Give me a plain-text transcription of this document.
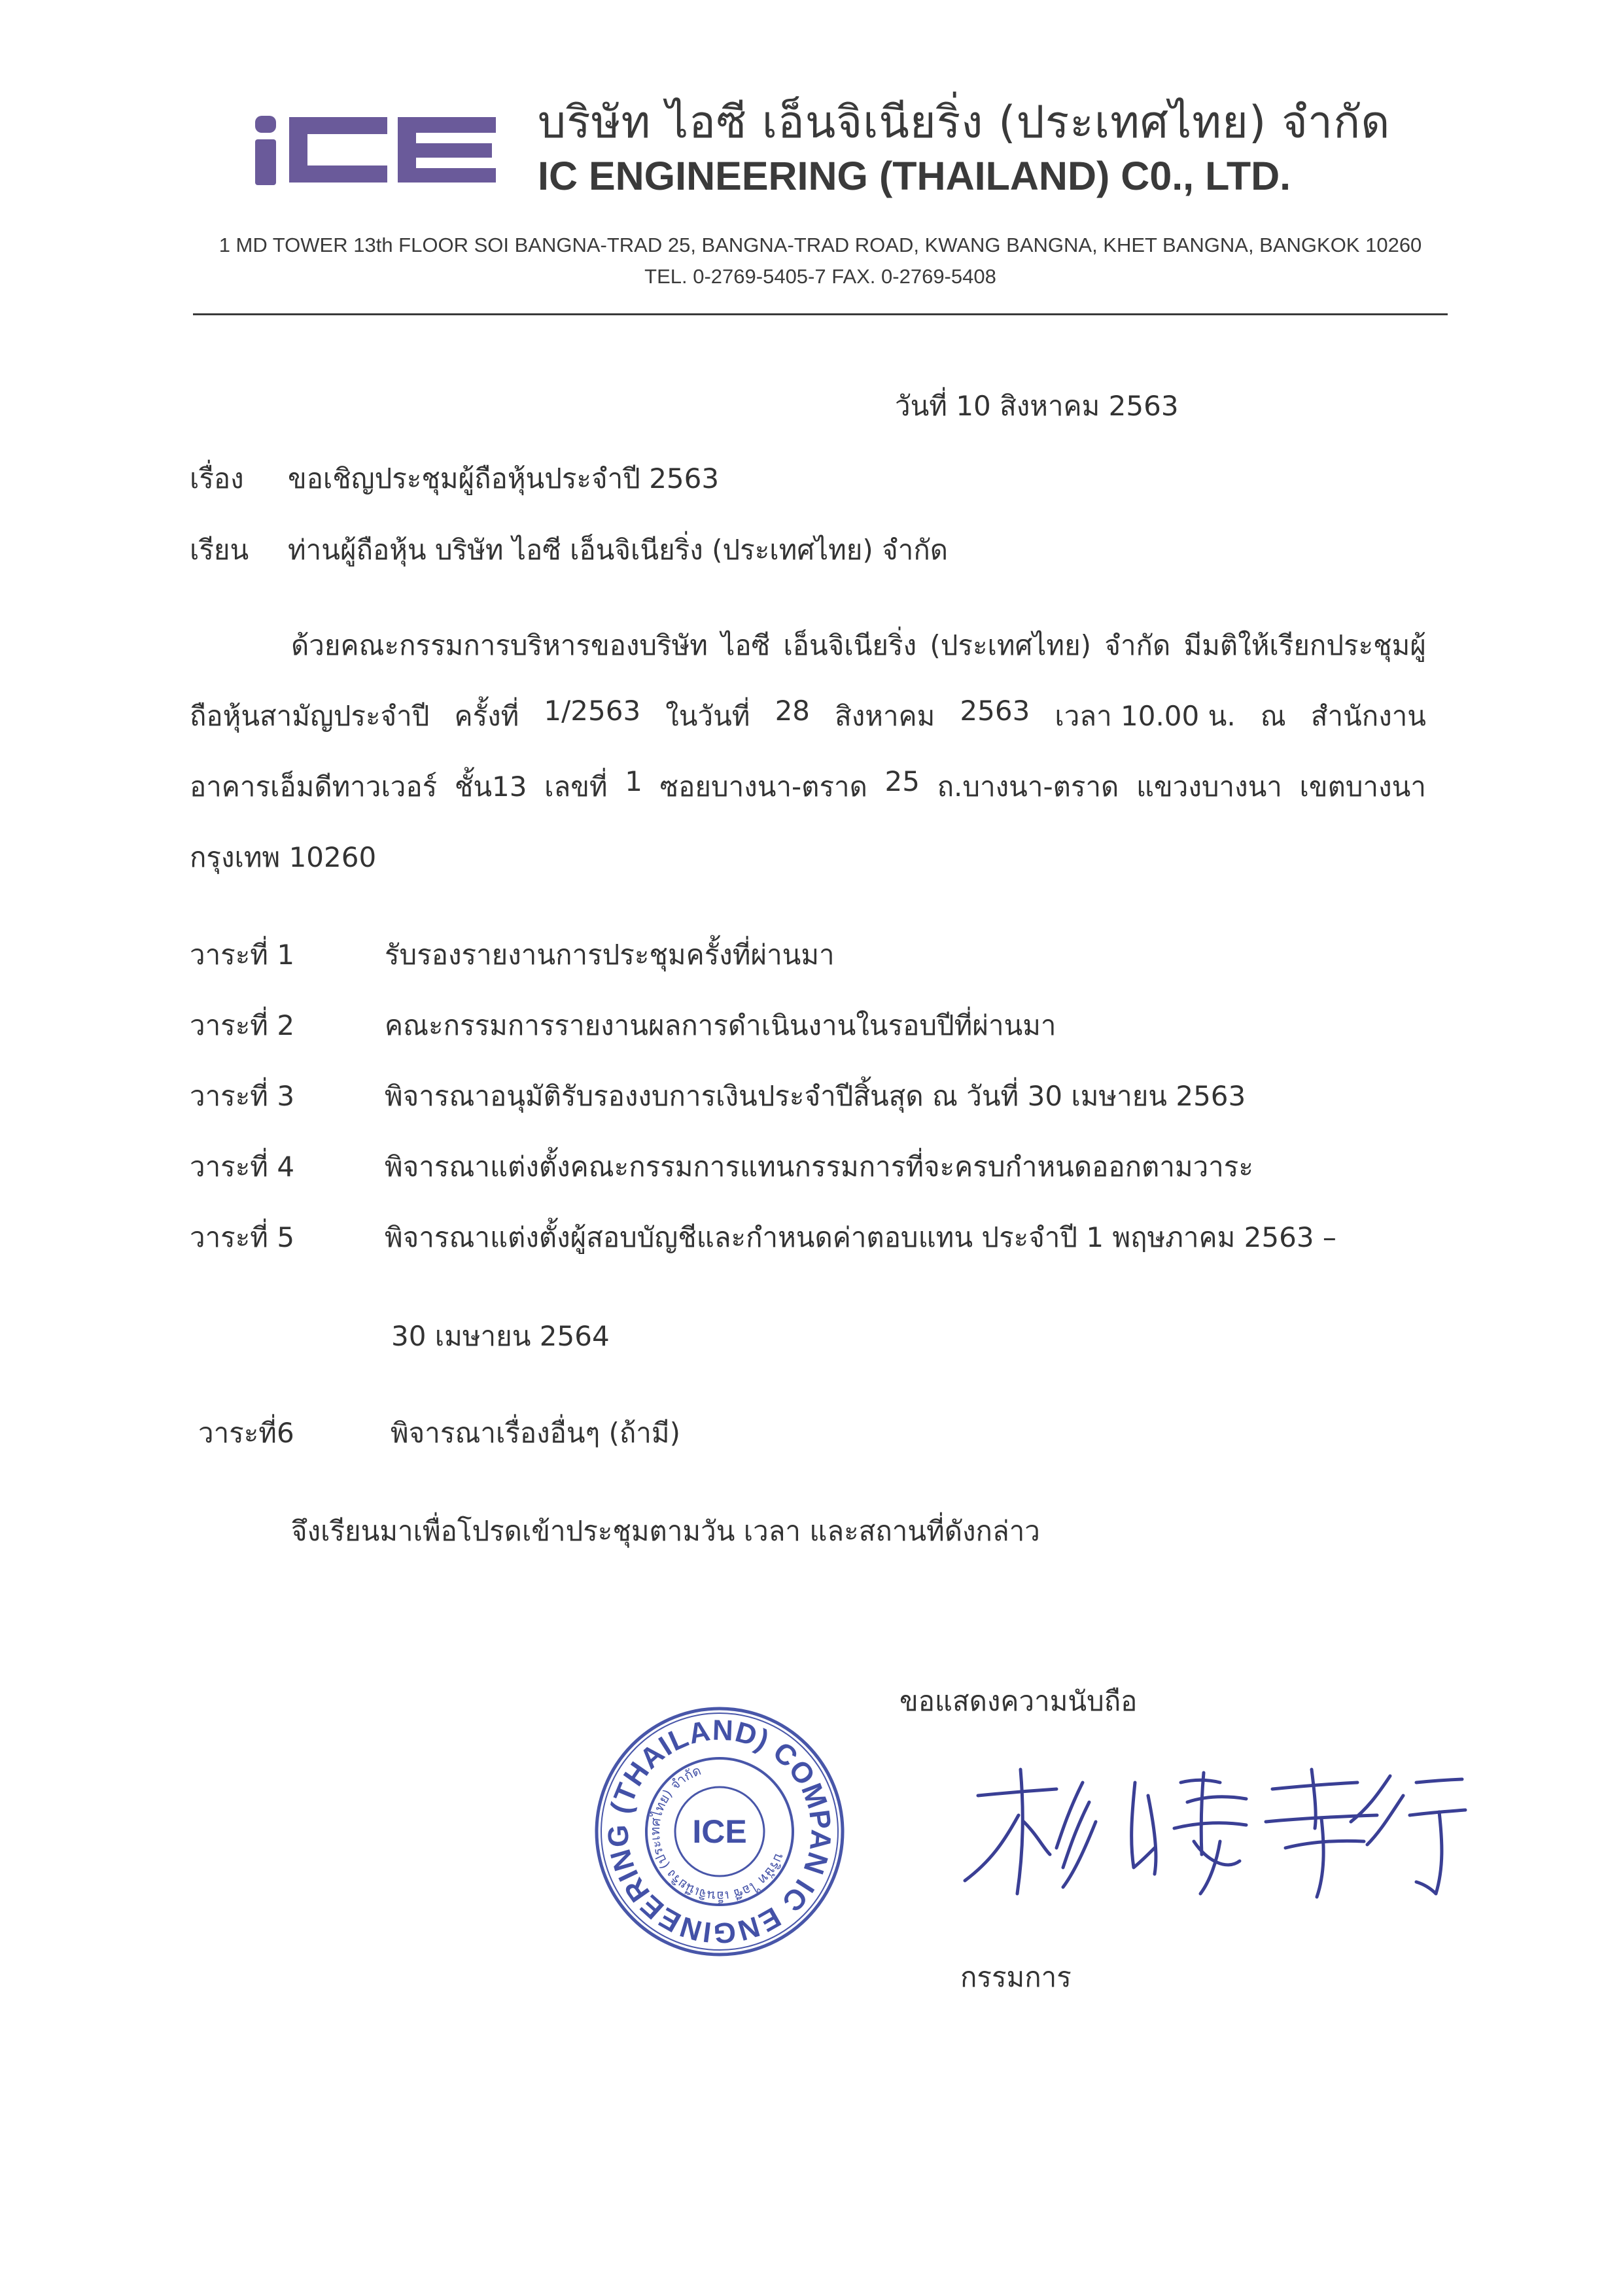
บริษัท ไอซี เอ็นจิเนียริ่ง (ประเทศไทย) จำกัด
IC ENGINEERING (THAILAND) C0., LTD.
1 MD TOWER 13th FLOOR SOI BANGNA-TRAD 25, BANGNA-TRAD ROAD, KWANG BANGNA, KHET BANGNA, BANGKOK 10260
TEL. 0-2769-5405-7 FAX. 0-2769-5408
วันที่ 10 สิงหาคม 2563
เรื่อง ขอเชิญประชุมผู้ถือหุ้นประจำปี 2563
เรียน ท่านผู้ถือหุ้น บริษัท ไอซี เอ็นจิเนียริ่ง (ประเทศไทย) จำกัด
ด้วยคณะกรรมการบริหารของบริษัท ไอซี เอ็นจิเนียริ่ง (ประเทศไทย) จำกัด มีมติให้เรียกประชุมผู้
ถือหุ้นสามัญประจำปี ครั้งที่ 1/2563 ในวันที่ 28 สิงหาคม 2563 เวลา 10.00 น. ณ สำนักงาน
อาคารเอ็มดีทาวเวอร์ ชั้น13 เลขที่ 1 ซอยบางนา-ตราด 25 ถ.บางนา-ตราด แขวงบางนา เขตบางนา
กรุงเทพ 10260
วาระที่ 1	รับรองรายงานการประชุมครั้งที่ผ่านมา
วาระที่ 2	คณะกรรมการรายงานผลการดำเนินงานในรอบปีที่ผ่านมา
วาระที่ 3	พิจารณาอนุมัติรับรองงบการเงินประจำปีสิ้นสุด ณ วันที่ 30 เมษายน 2563
วาระที่ 4	พิจารณาแต่งตั้งคณะกรรมการแทนกรรมการที่จะครบกำหนดออกตามวาระ
วาระที่ 5	พิจารณาแต่งตั้งผู้สอบบัญชีและกำหนดค่าตอบแทน ประจำปี 1 พฤษภาคม 2563 –
30 เมษายน 2564
วาระที่6	พิจารณาเรื่องอื่นๆ (ถ้ามี)
จึงเรียนมาเพื่อโปรดเข้าประชุมตามวัน เวลา และสถานที่ดังกล่าว
ขอแสดงความนับถือ
IC ENGINEERING (THAILAND) COMPANY
บริษัท ไอซี เอ็นจิเนียริ่ง (ประเทศไทย) จำกัด
ICE
กรรมการ
